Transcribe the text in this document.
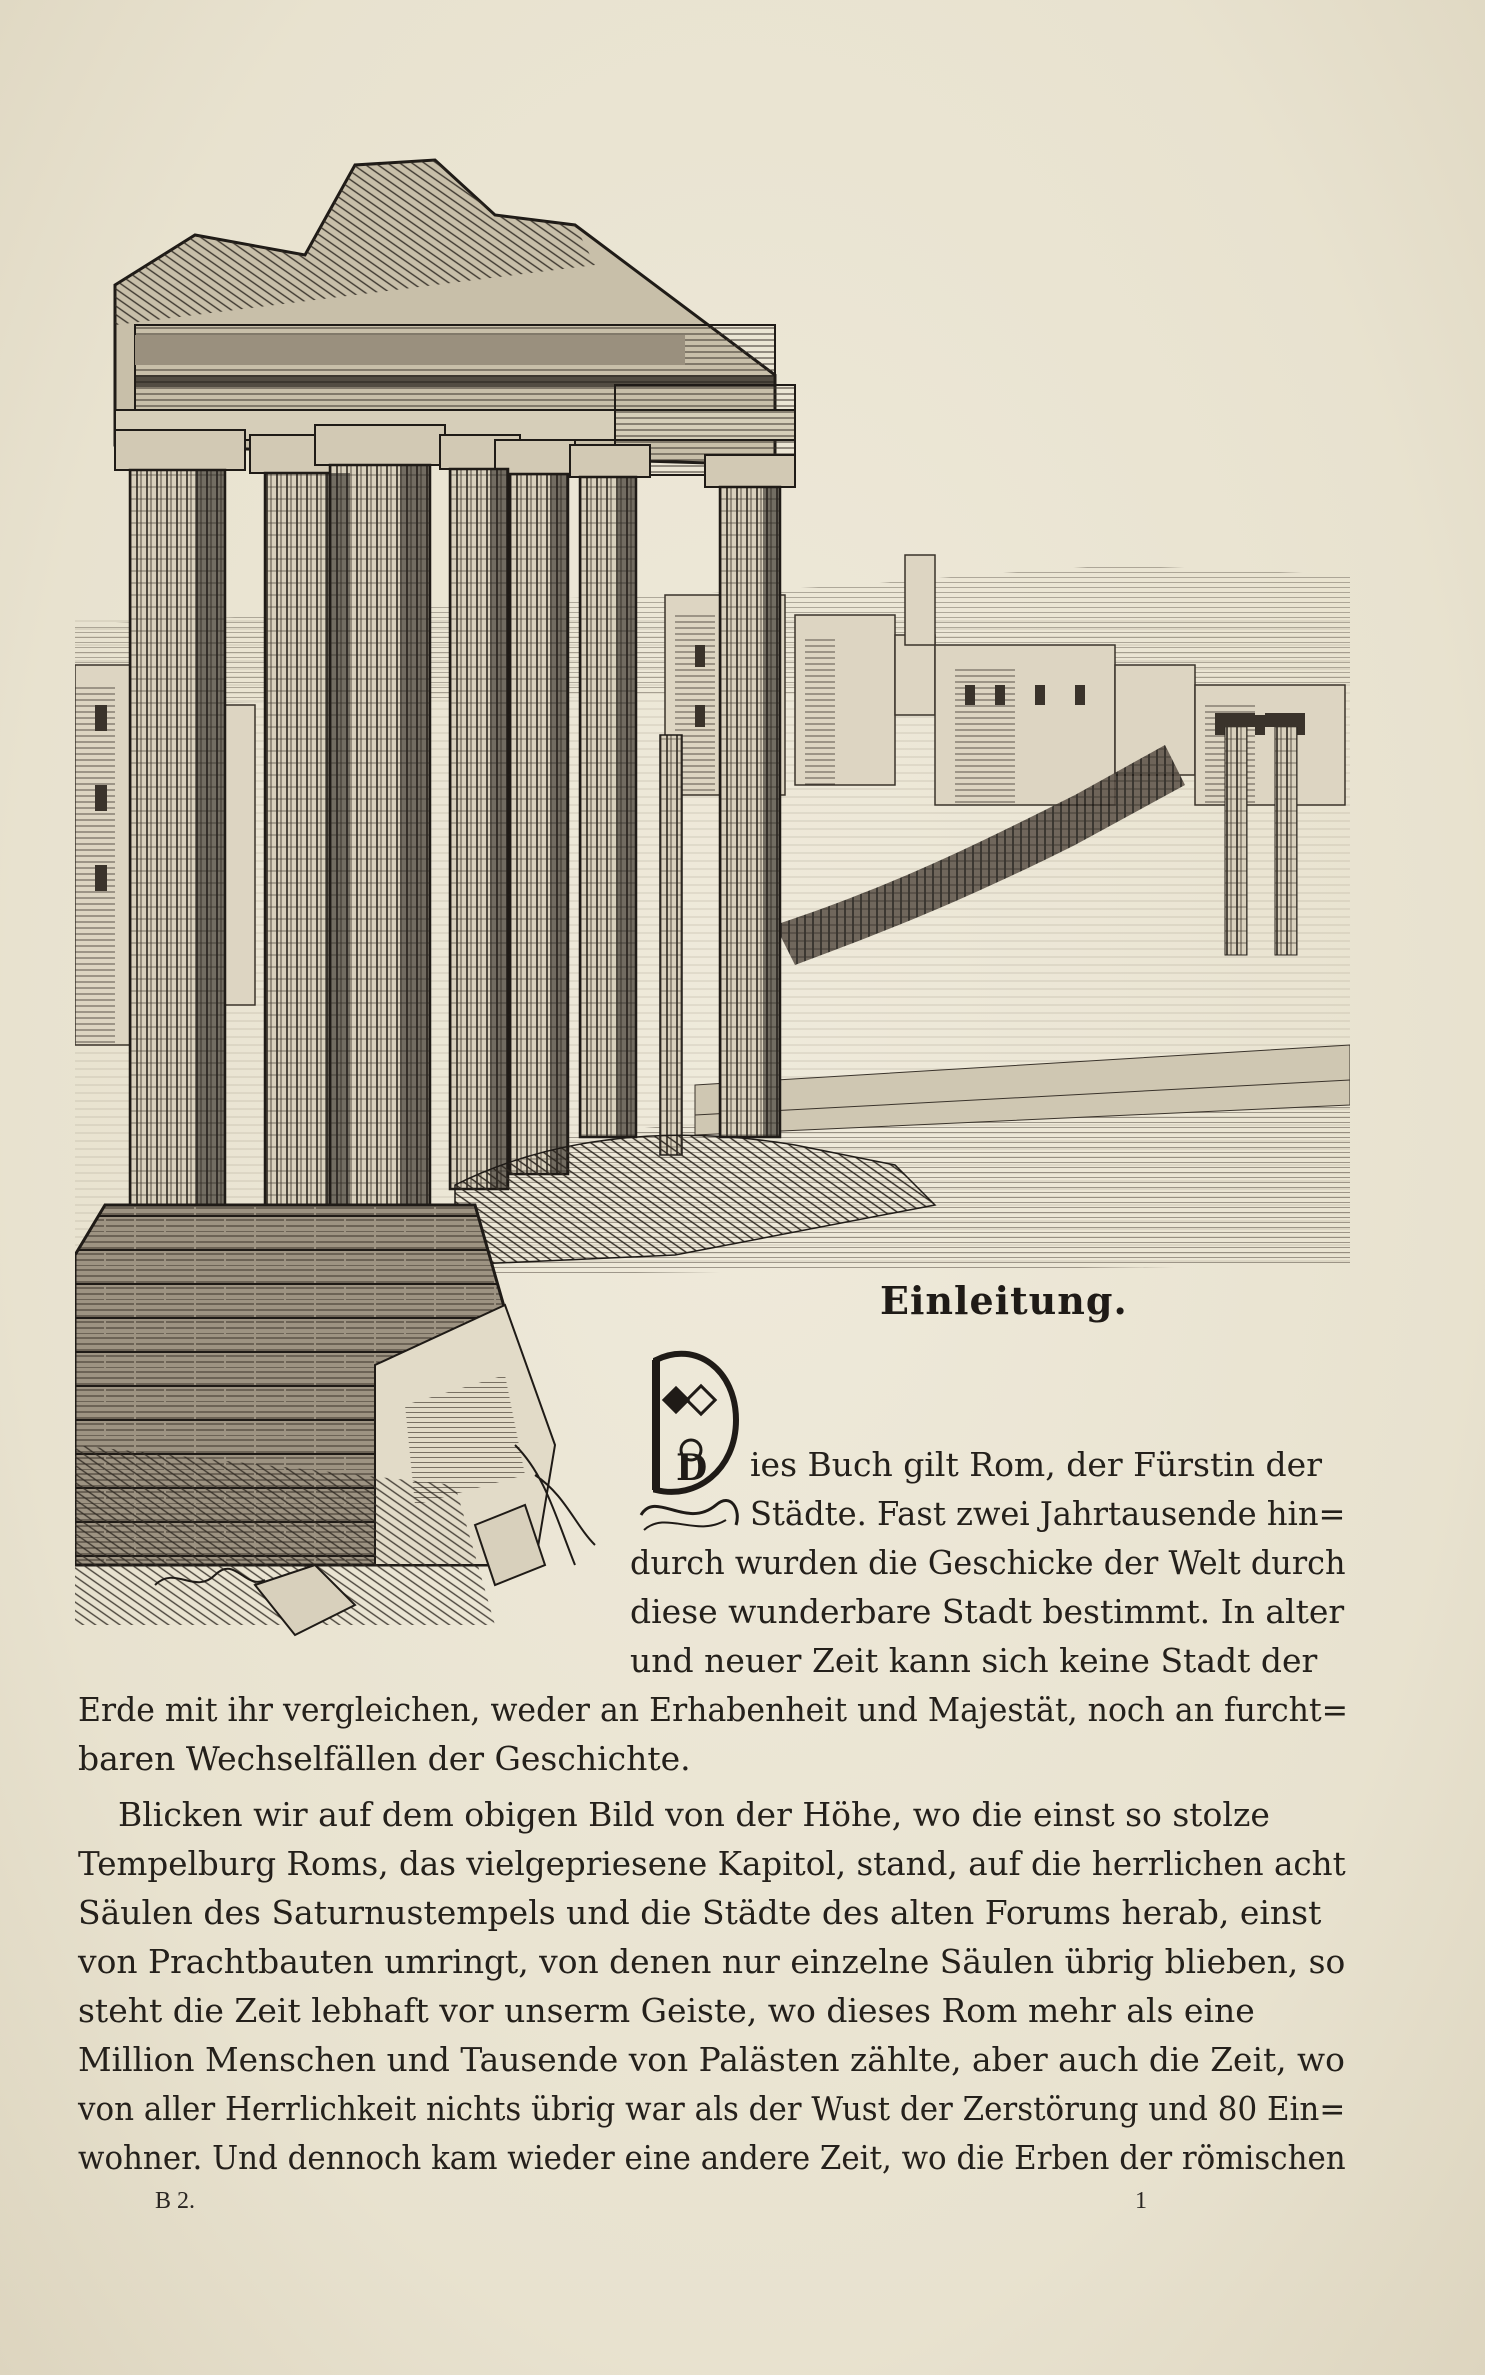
Einleitung.
D ies Buch gilt Rom, der Fürstin der
Städte. Fast zwei Jahrtausende hin=
durch wurden die Geschicke der Welt durch
diese wunderbare Stadt bestimmt. In alter
und neuer Zeit kann sich keine Stadt der
Erde mit ihr vergleichen, weder an Erhabenheit und Majestät, noch an furcht=
baren Wechselfällen der Geschichte.
Blicken wir auf dem obigen Bild von der Höhe, wo die einst so stolze
Tempelburg Roms, das vielgepriesene Kapitol, stand, auf die herrlichen acht
Säulen des Saturnustempels und die Städte des alten Forums herab, einst
von Prachtbauten umringt, von denen nur einzelne Säulen übrig blieben, so
steht die Zeit lebhaft vor unserm Geiste, wo dieses Rom mehr als eine
Million Menschen und Tausende von Palästen zählte, aber auch die Zeit, wo
von aller Herrlichkeit nichts übrig war als der Wust der Zerstörung und 80 Ein=
wohner. Und dennoch kam wieder eine andere Zeit, wo die Erben der römischen
B 2.	1
